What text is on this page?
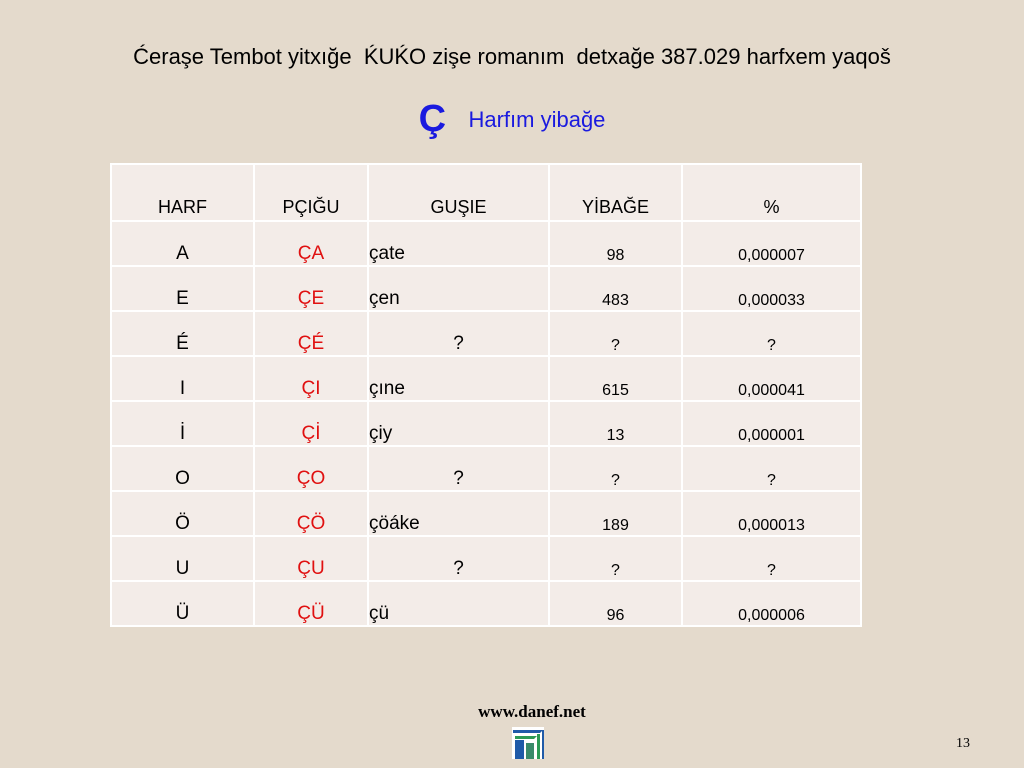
Ćeraşe Tembot yitxığe  ḰUḰO zişe romanım  detxağe 387.029 harfxem yaqoš
Ç Harfım yibağe
HARF	PÇIĞU	GUŞIE	YİBAĞE	%
A	ÇA	çate	98	0,000007
E	ÇE	çen	483	0,000033
É	ÇÉ	?	?	?
I	ÇI	çıne	615	0,000041
İ	Çİ	çiy	13	0,000001
O	ÇO	?	?	?
Ö	ÇÖ	çöáke	189	0,000013
U	ÇU	?	?	?
Ü	ÇÜ	çü	96	0,000006
www.danef.net
13
